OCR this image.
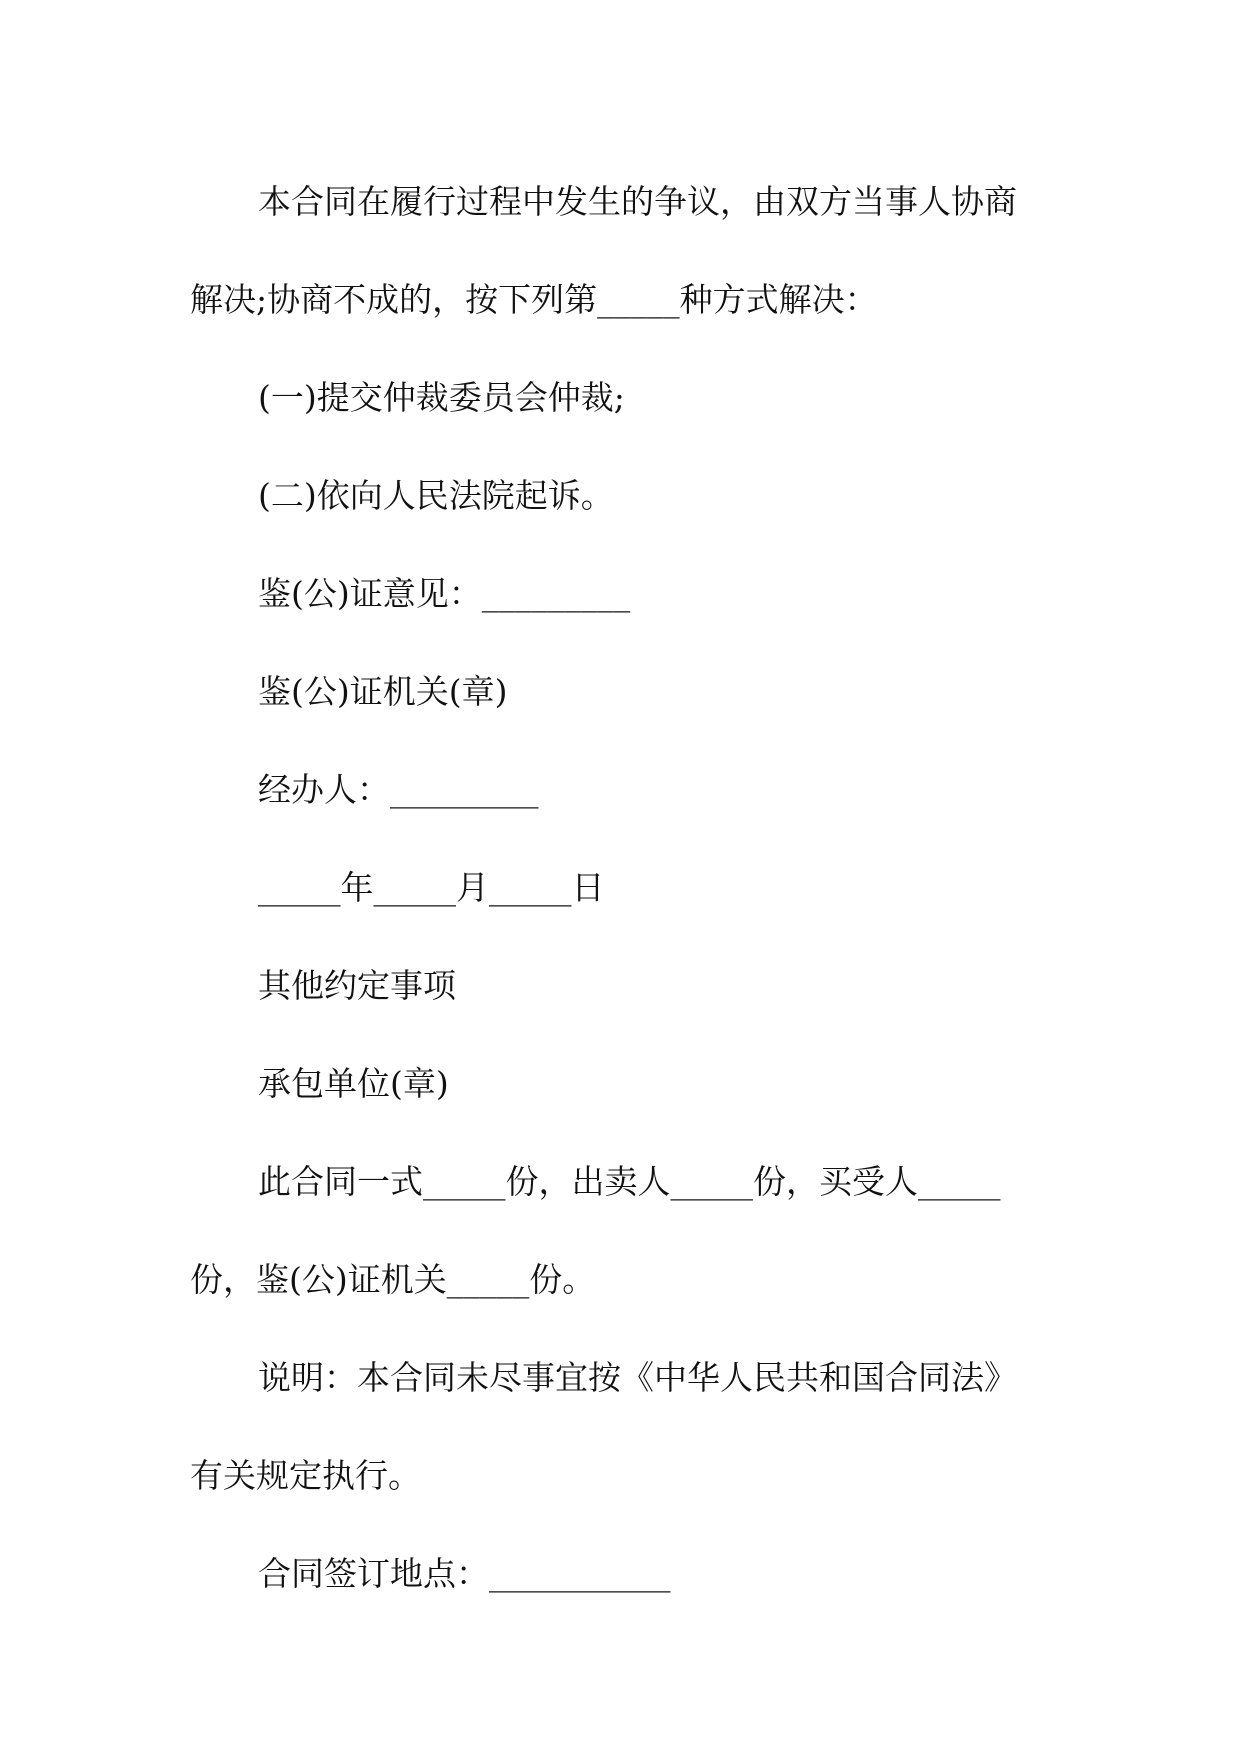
本合同在履行过程中发生的争议，由双方当事人协商
解决;协商不成的，按下列第_____种方式解决：
(一)提交仲裁委员会仲裁;
(二)依向人民法院起诉。
鉴(公)证意见：_________
鉴(公)证机关(章)
经办人：_________
_____年_____月_____日
其他约定事项
承包单位(章)
此合同一式_____份，出卖人_____份，买受人_____
份，鉴(公)证机关_____份。
说明：本合同未尽事宜按《中华人民共和国合同法》
有关规定执行。
合同签订地点：___________
